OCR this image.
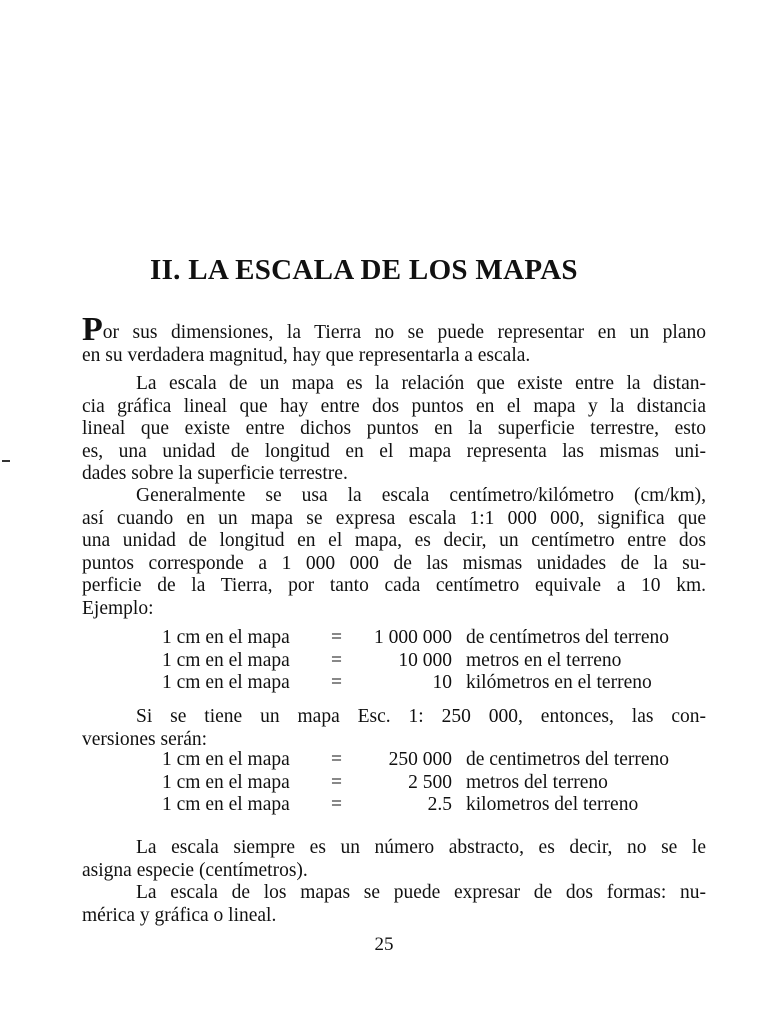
II. LA ESCALA DE LOS MAPAS
Por sus dimensiones, la Tierra no se puede representar en un plano
en su verdadera magnitud, hay que representarla a escala.
La escala de un mapa es la relación que existe entre la distan-
cia gráfica lineal que hay entre dos puntos en el mapa y la distancia
lineal que existe entre dichos puntos en la superficie terrestre, esto
es, una unidad de longitud en el mapa representa las mismas uni-
dades sobre la superficie terrestre.
Generalmente se usa la escala centímetro/kilómetro (cm/km),
así cuando en un mapa se expresa escala 1:1 000 000, significa que
una unidad de longitud en el mapa, es decir, un centímetro entre dos
puntos corresponde a 1 000 000 de las mismas unidades de la su-
perficie de la Tierra, por tanto cada centímetro equivale a 10 km.
Ejemplo:
1 cm en el mapa = 1 000 000 de centímetros del terreno
1 cm en el mapa =	10 000 metros en el terreno
1 cm en el mapa =	10 kilómetros en el terreno
Si se tiene un mapa Esc. 1: 250 000, entonces, las con-
versiones serán:
1 cm en el mapa = 250 000 de centimetros del terreno
1 cm en el mapa =	2 500 metros del terreno
1 cm en el mapa =	2.5 kilometros del terreno
La escala siempre es un número abstracto, es decir, no se le
asigna especie (centímetros).
La escala de los mapas se puede expresar de dos formas: nu-
mérica y gráfica o lineal.
25
